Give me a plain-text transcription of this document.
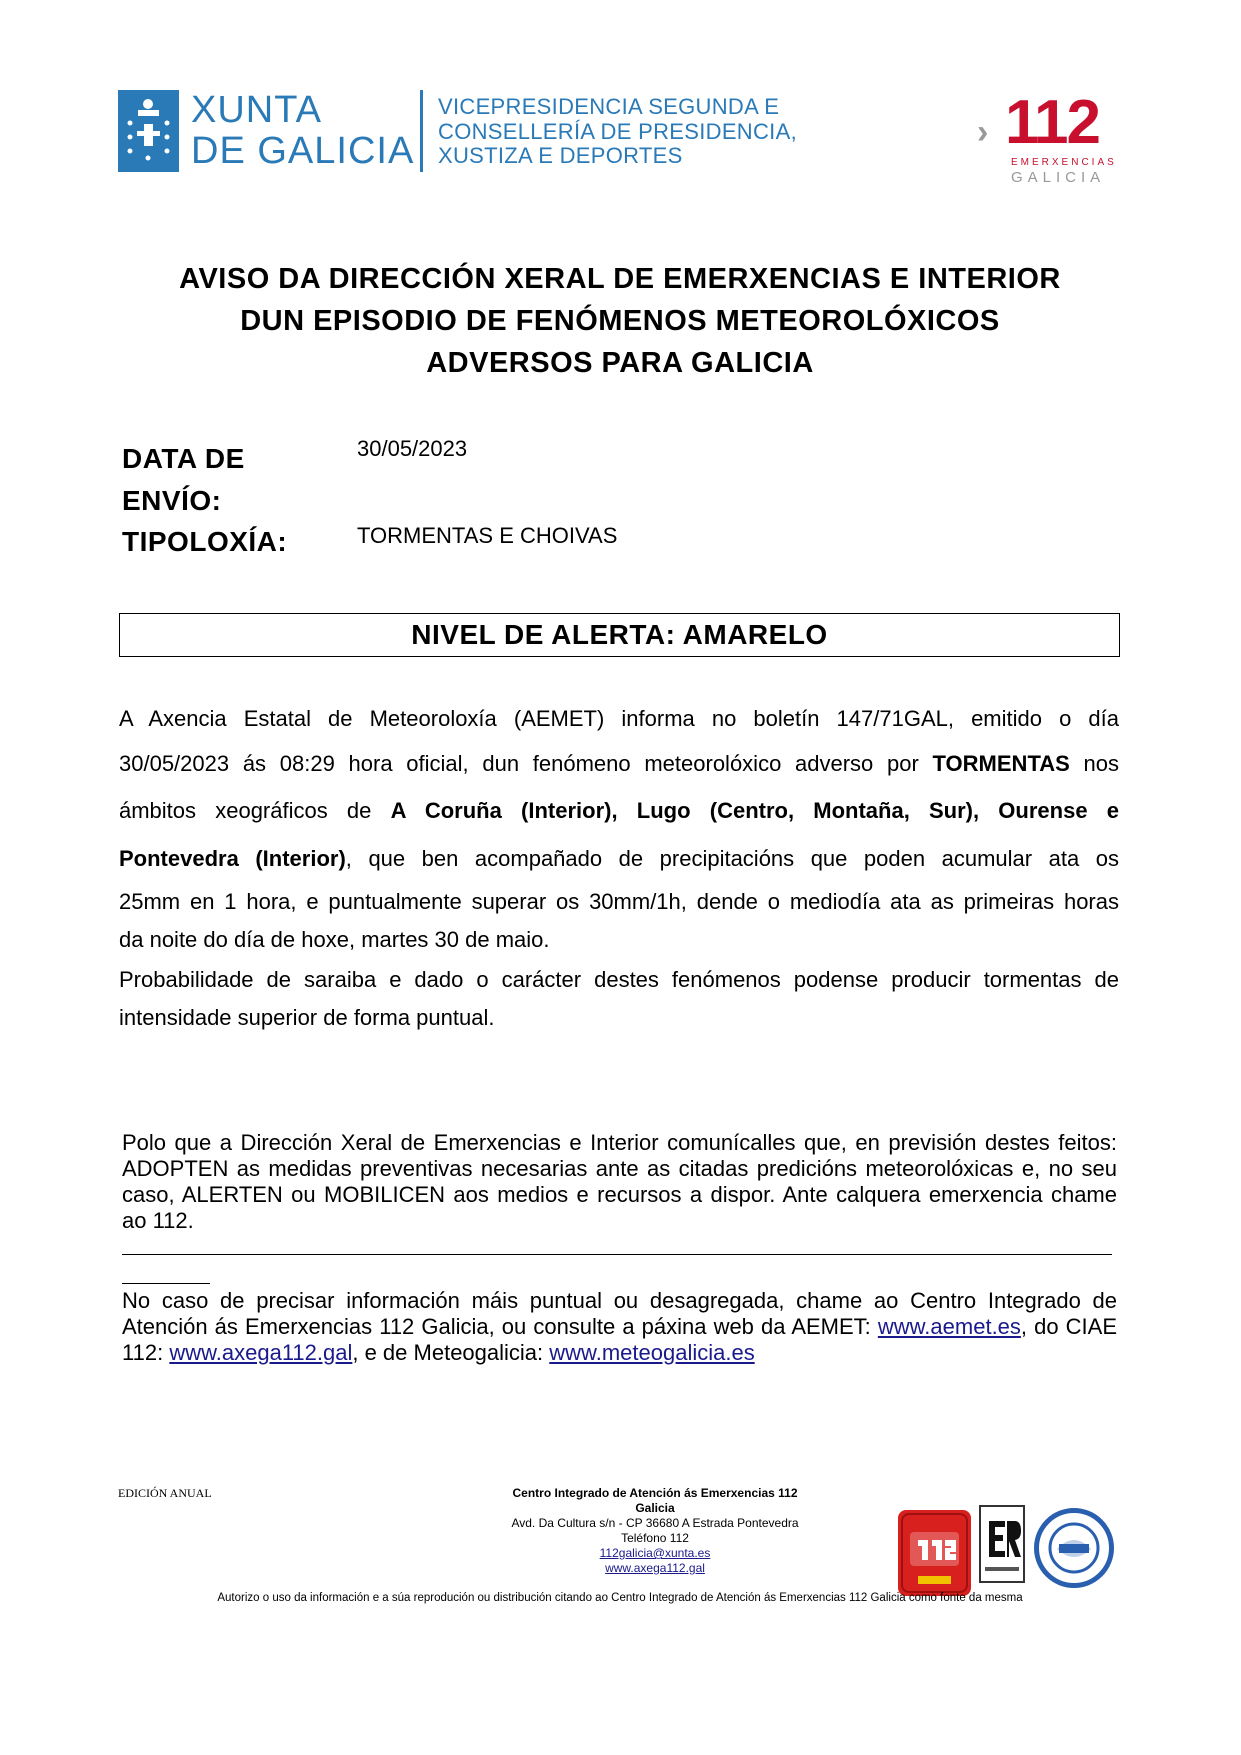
XUNTA
DE GALICIA
VICEPRESIDENCIA SEGUNDA E
CONSELLERÍA DE PRESIDENCIA,
XUSTIZA E DEPORTES
› 112
EMERXENCIAS
GALICIA
AVISO DA DIRECCIÓN XERAL DE EMERXENCIAS E INTERIOR
DUN EPISODIO DE FENÓMENOS METEOROLÓXICOS
ADVERSOS PARA GALICIA
DATA DE
ENVÍO:
30/05/2023
TIPOLOXÍA:	TORMENTAS E CHOIVAS
NIVEL DE ALERTA: AMARELO
A Axencia Estatal de Meteoroloxía (AEMET) informa no boletín 147/71GAL, emitido o día
30/05/2023 ás 08:29 hora oficial, dun fenómeno meteorolóxico adverso por TORMENTAS nos
ámbitos xeográficos de A Coruña (Interior), Lugo (Centro, Montaña, Sur), Ourense e
Pontevedra (Interior), que ben acompañado de precipitacións que poden acumular ata os
25mm en 1 hora, e puntualmente superar os 30mm/1h, dende o mediodía ata as primeiras horas
da noite do día de hoxe, martes 30 de maio.
Probabilidade de saraiba e dado o carácter destes fenómenos podense producir tormentas de
intensidade superior de forma puntual.
Polo que a Dirección Xeral de Emerxencias e Interior comunícalles que, en previsión destes feitos: ADOPTEN as medidas preventivas necesarias ante as citadas predicións meteorolóxicas e, no seu caso, ALERTEN ou MOBILICEN aos medios e recursos a dispor. Ante calquera emerxencia chame ao 112.
No caso de precisar información máis puntual ou desagregada, chame ao Centro Integrado de Atención ás Emerxencias 112 Galicia, ou consulte a páxina web da AEMET: www.aemet.es, do CIAE 112: www.axega112.gal, e de Meteogalicia: www.meteogalicia.es
EDICIÓN ANUAL	Centro Integrado de Atención ás Emerxencias 112
Galicia
Avd. Da Cultura s/n - CP 36680 A Estrada Pontevedra
Teléfono 112
112galicia@xunta.es
www.axega112.gal
Autorizo o uso da información e a súa reprodución ou distribución citando ao Centro Integrado de Atención ás Emerxencias 112 Galicia como fonte da mesma
